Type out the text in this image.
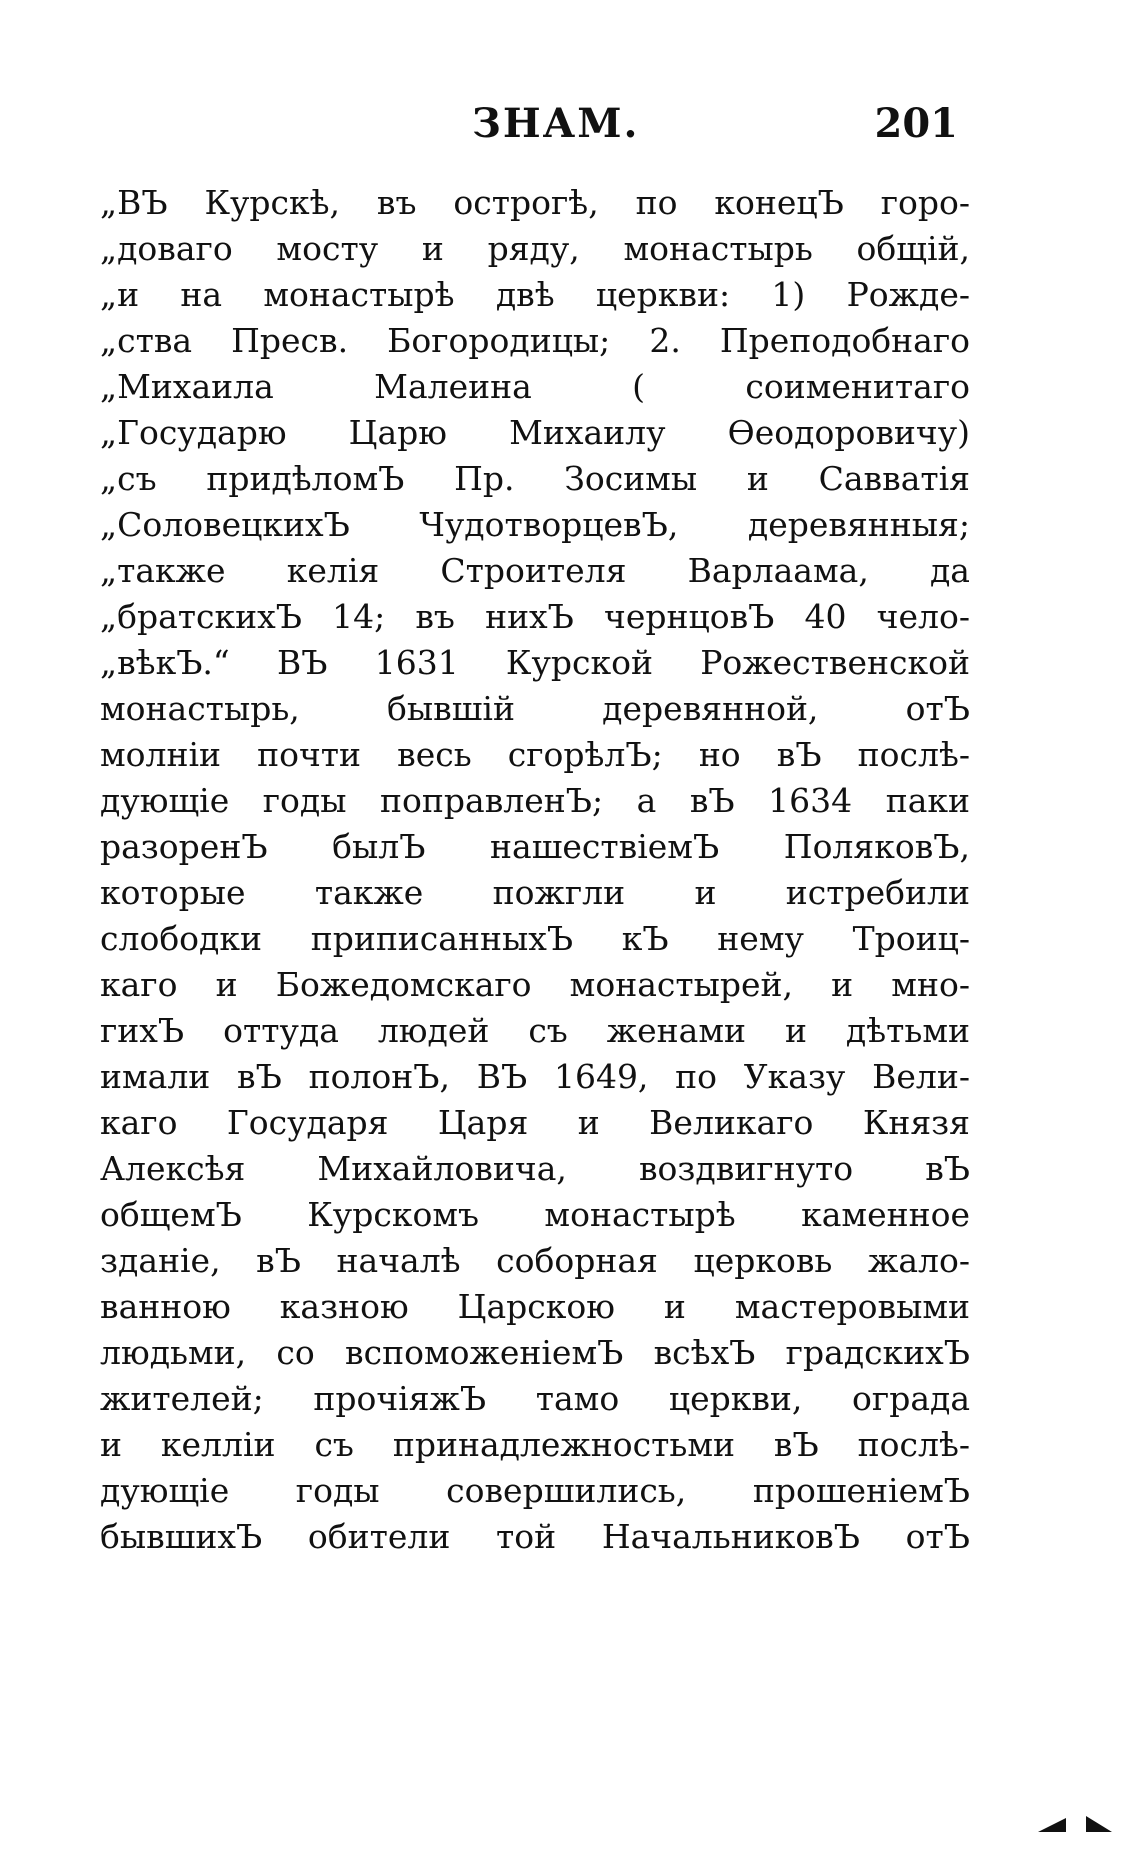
ЗНАМ.	201
„ВЪ Курскѣ, въ острогѣ, по конецЪ горо-
„доваго мосту и ряду, монастырь общій,
„и на монастырѣ двѣ церкви: 1) Рожде-
„ства Пресв. Богородицы; 2. Преподобнаго
„Михаила Малеина ( соименитаго
„Государю Царю Михаилу Ѳеодоровичу)
„съ придѣломЪ Пр. Зосимы и Савватія
„СоловецкихЪ ЧудотворцевЪ, деревянныя;
„также келія Строителя Варлаама, да
„братскихЪ 14; въ нихЪ чернцовЪ 40 чело-
„вѣкЪ.“ ВЪ 1631 Курской Рожественской
монастырь, бывшій деревянной, отЪ
молніи почти весь сгорѣлЪ; но вЪ послѣ-
дующіе годы поправленЪ; а вЪ 1634 паки
разоренЪ былЪ нашествіемЪ ПоляковЪ,
которые также пожгли и истребили
слободки приписанныхЪ кЪ нему Троиц-
каго и Божедомскаго монастырей, и мно-
гихЪ оттуда людей съ женами и дѣтьми
имали вЪ полонЪ, ВЪ 1649, по Указу Вели-
каго Государя Царя и Великаго Князя
Алексѣя Михайловича, воздвигнуто вЪ
общемЪ Курскомъ монастырѣ каменное
зданіе, вЪ началѣ соборная церковь жало-
ванною казною Царскою и мастеровыми
людьми, со вспоможеніемЪ всѣхЪ градскихЪ
жителей; прочіяжЪ тамо церкви, ограда
и келліи съ принадлежностьми вЪ послѣ-
дующіе годы совершились, прошеніемЪ
бывшихЪ обители той НачальниковЪ отЪ
